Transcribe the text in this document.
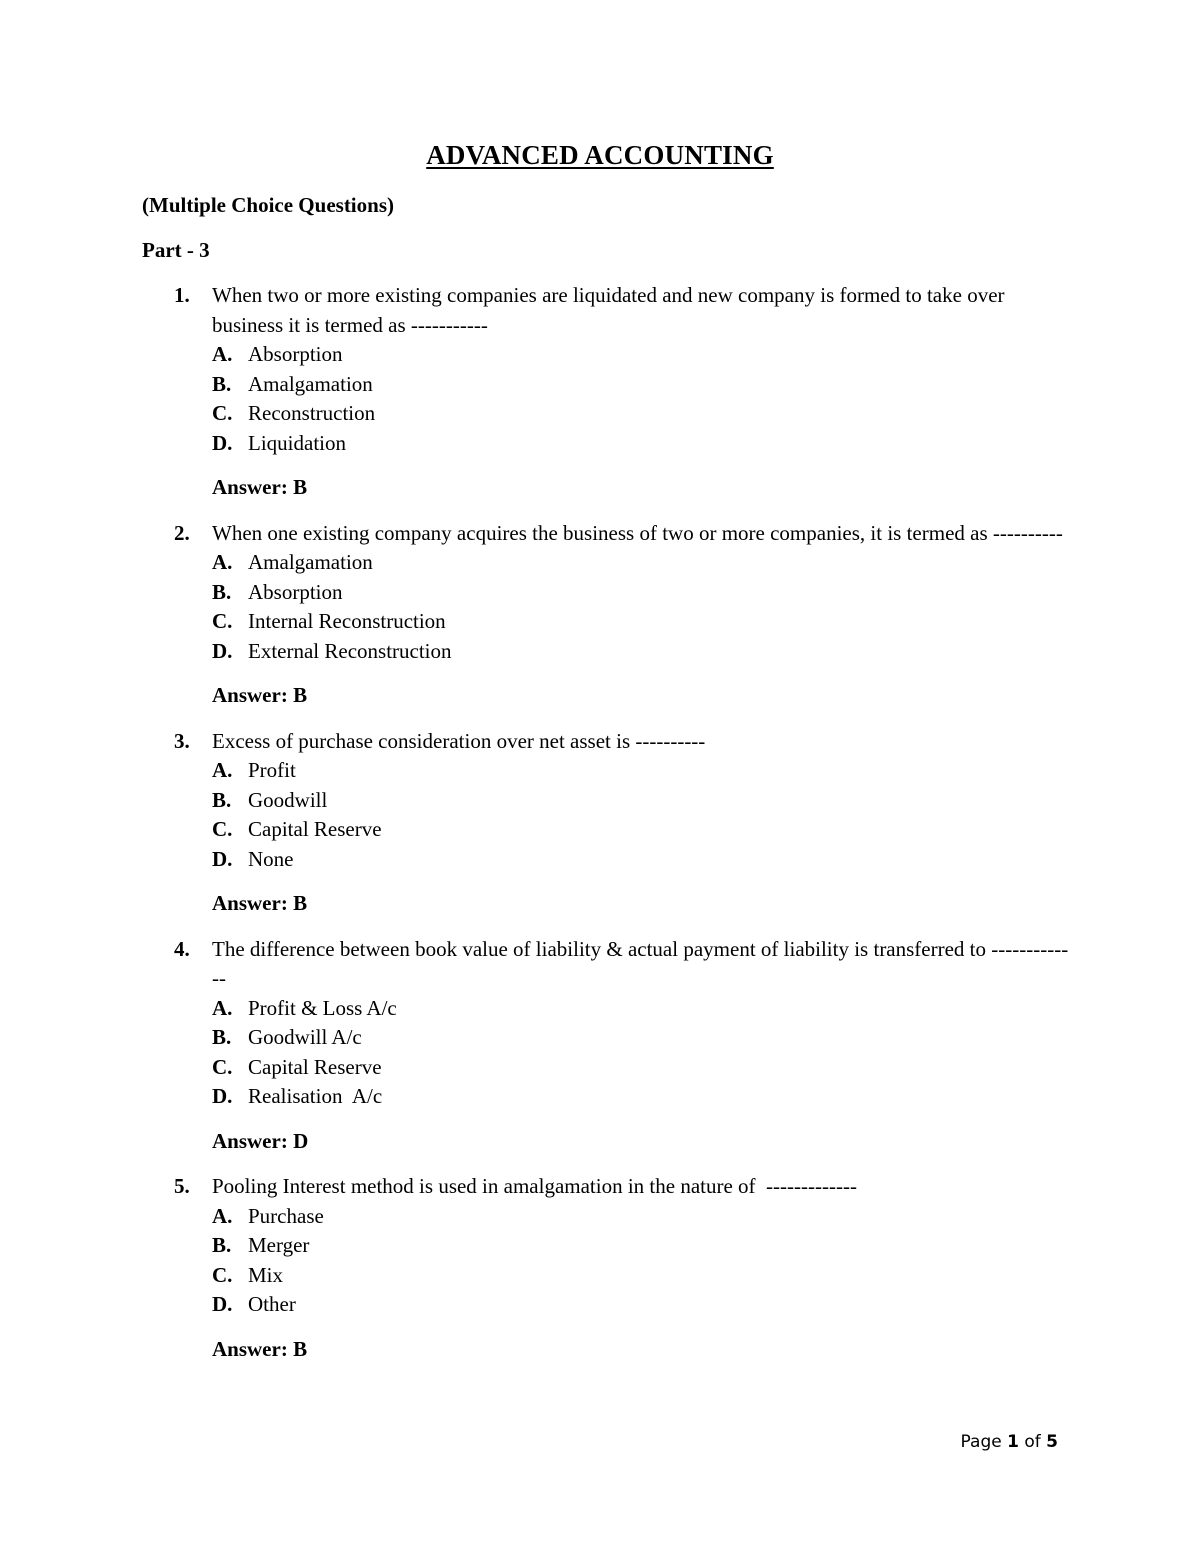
ADVANCED ACCOUNTING
(Multiple Choice Questions)
Part - 3
1. When two or more existing companies are liquidated and new company is formed to take over business it is termed as -----------
A. Absorption
B. Amalgamation
C. Reconstruction
D. Liquidation
Answer: B
2. When one existing company acquires the business of two or more companies, it is termed as ----------
A. Amalgamation
B. Absorption
C. Internal Reconstruction
D. External Reconstruction
Answer: B
3. Excess of purchase consideration over net asset is ----------
A. Profit
B. Goodwill
C. Capital Reserve
D. None
Answer: B
4. The difference between book value of liability & actual payment of liability is transferred to -------------
A. Profit & Loss A/c
B. Goodwill A/c
C. Capital Reserve
D. Realisation  A/c
Answer: D
5. Pooling Interest method is used in amalgamation in the nature of  -------------
A. Purchase
B. Merger
C. Mix
D. Other
Answer: B
Page 1 of 5
